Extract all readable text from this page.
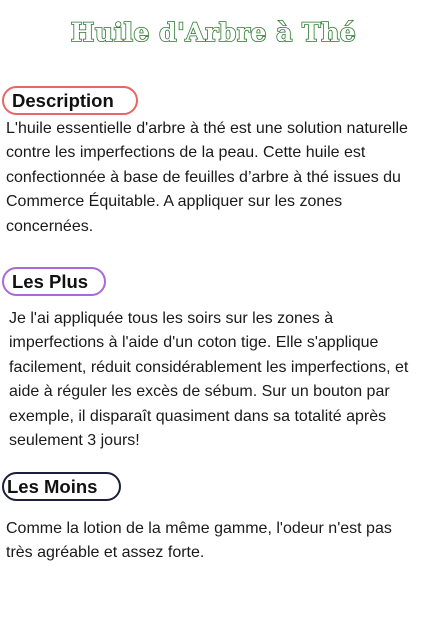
Huile d'Arbre à Thé
Description

L'huile essentielle d'arbre à thé est une solution naturelle contre les imperfections de la peau. Cette huile est confectionnée à base de feuilles d’arbre à thé issues du Commerce Équitable. A appliquer sur les zones concernées.

Les Plus

Je l'ai appliquée tous les soirs sur les zones à imperfections à l'aide d'un coton tige. Elle s'applique facilement, réduit considérablement les imperfections, et aide à réguler les excès de sébum. Sur un bouton par exemple, il disparaît quasiment dans sa totalité après seulement 3 jours!

Les Moins

Comme la lotion de la même gamme, l'odeur n'est pas très agréable et assez forte.
